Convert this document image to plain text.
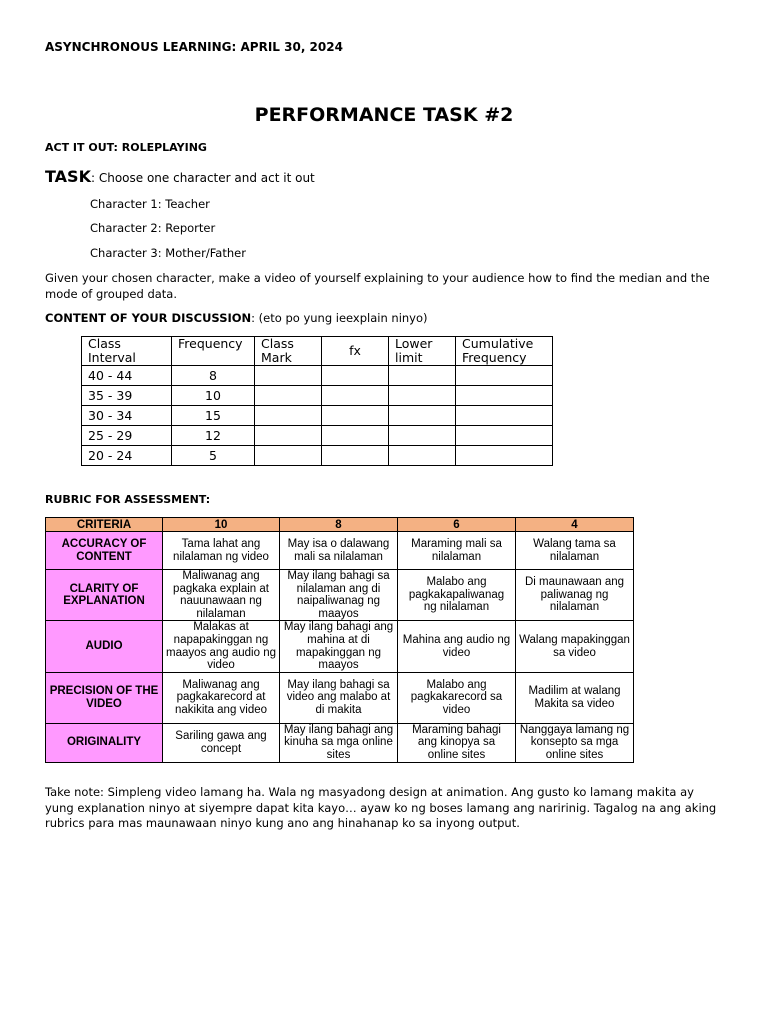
ASYNCHRONOUS LEARNING: APRIL 30, 2024
PERFORMANCE TASK #2
ACT IT OUT: ROLEPLAYING
TASK: Choose one character and act it out
Character 1: Teacher
Character 2: Reporter
Character 3: Mother/Father
Given your chosen character, make a video of yourself explaining to your audience how to find the median and the mode of grouped data.
CONTENT OF YOUR DISCUSSION: (eto po yung ieexplain ninyo)
Class Interval	Frequency	Class Mark	fx	Lower limit	Cumulative Frequency
40 - 44	8				
35 - 39	10				
30 - 34	15				
25 - 29	12				
20 - 24	5				
RUBRIC FOR ASSESSMENT:
CRITERIA	10	8	6	4
ACCURACY OF CONTENT	Tama lahat ang nilalaman ng video	May isa o dalawang mali sa nilalaman	Maraming mali sa nilalaman	Walang tama sa nilalaman
CLARITY OF EXPLANATION	Maliwanag ang pagkaka explain at nauunawaan ng nilalaman	May ilang bahagi sa nilalaman ang di naipaliwanag ng maayos	Malabo ang pagkakapaliwanag ng nilalaman	Di maunawaan ang paliwanag ng nilalaman
AUDIO	Malakas at napapakinggan ng maayos ang audio ng video	May ilang bahagi ang mahina at di mapakinggan ng maayos	Mahina ang audio ng video	Walang mapakinggan sa video
PRECISION OF THE VIDEO	Maliwanag ang pagkakarecord at nakikita ang video	May ilang bahagi sa video ang malabo at di makita	Malabo ang pagkakarecord sa video	Madilim at walang Makita sa video
ORIGINALITY	Sariling gawa ang concept	May ilang bahagi ang kinuha sa mga online sites	Maraming bahagi ang kinopya sa online sites	Nanggaya lamang ng konsepto sa mga online sites
Take note: Simpleng video lamang ha. Wala ng masyadong design at animation. Ang gusto ko lamang makita ay yung explanation ninyo at siyempre dapat kita kayo… ayaw ko ng boses lamang ang naririnig. Tagalog na ang aking rubrics para mas maunawaan ninyo kung ano ang hinahanap ko sa inyong output.
